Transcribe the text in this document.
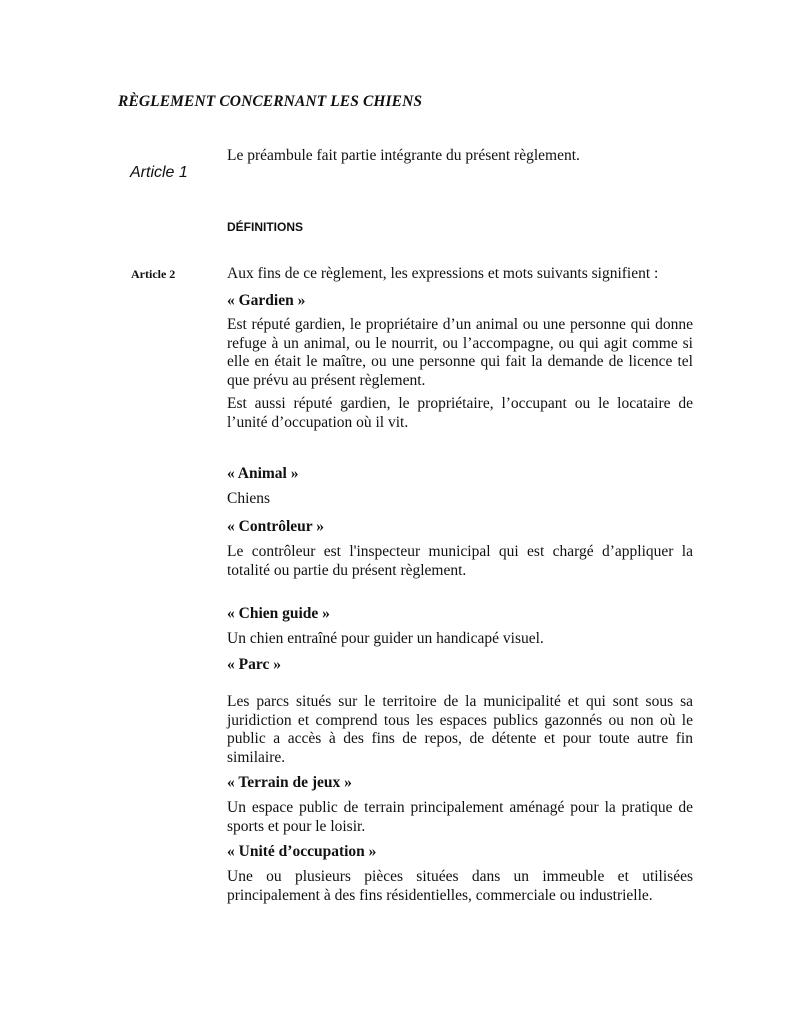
RÈGLEMENT CONCERNANT LES CHIENS

Le préambule fait partie intégrante du présent règlement.

Article 1

DÉFINITIONS

Article 2	Aux fins de ce règlement, les expressions et mots suivants signifient :

« Gardien »

Est réputé gardien, le propriétaire d’un animal ou une personne qui donne refuge à un animal, ou le nourrit, ou l’accompagne, ou qui agit comme si elle en était le maître, ou une personne qui fait la demande de licence tel que prévu au présent règlement.

Est aussi réputé gardien, le propriétaire, l’occupant ou le locataire de l’unité d’occupation où il vit.

« Animal »

Chiens

« Contrôleur »

Le contrôleur est l'inspecteur municipal qui est chargé d’appliquer la totalité ou partie du présent règlement.

« Chien guide »

Un chien entraîné pour guider un handicapé visuel.

« Parc »

Les parcs situés sur le territoire de la municipalité et qui sont sous sa juridiction et comprend tous les espaces publics gazonnés ou non où le public a accès à des fins de repos, de détente et pour toute autre fin similaire.

« Terrain de jeux »

Un espace public de terrain principalement aménagé pour la pratique de sports et pour le loisir.

« Unité d’occupation »

Une ou plusieurs pièces situées dans un immeuble et utilisées principalement à des fins résidentielles, commerciale ou industrielle.
